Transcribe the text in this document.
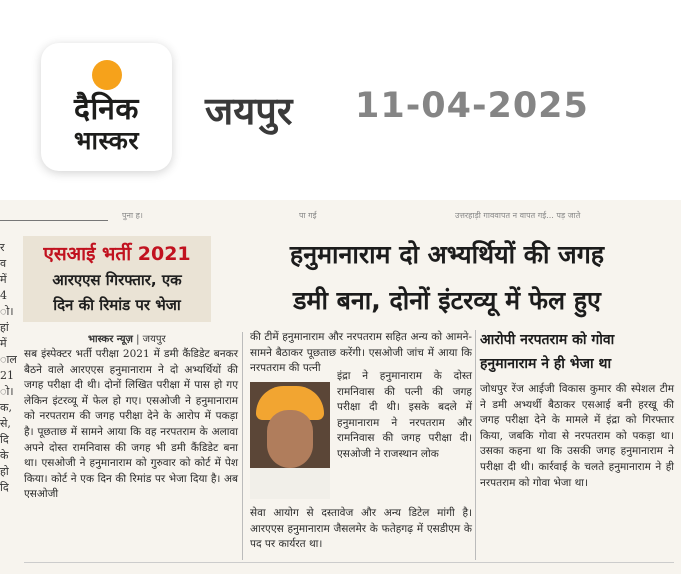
दैनिक
भास्कर
जयपुर 11-04-2025
पुना ह।	पा गई	उत्तरहाड़ी गाववापत न वापत गई... पड़ जाते
र
व
में
4
ो।
हां
में
ाल
21
ो।
क,
से,
दि
के
हो
दि
एसआई भर्ती 2021
आरएएस गिरफ्तार, एक
दिन की रिमांड पर भेजा
हनुमानाराम दो अभ्यर्थियों की जगह
डमी बना, दोनों इंटरव्यू में फेल हुए
भास्कर न्यूज़ | जयपुर

सब इंस्पेक्टर भर्ती परीक्षा 2021 में डमी कैंडिडेट बनकर बैठने वाले आरएएस हनुमानाराम ने दो अभ्यर्थियों की जगह परीक्षा दी थी। दोनों लिखित परीक्षा में पास हो गए लेकिन इंटरव्यू में फेल हो गए। एसओजी ने हनुमानाराम को नरपतराम की जगह परीक्षा देने के आरोप में पकड़ा है। पूछताछ में सामने आया कि वह नरपतराम के अलावा अपने दोस्त रामनिवास की जगह भी डमी कैंडिडेट बना था। एसओजी ने हनुमानाराम को गुरुवार को कोर्ट में पेश किया। कोर्ट ने एक दिन की रिमांड पर भेजा दिया है। अब एसओजी

की टीमें हनुमानाराम और नरपतराम सहित अन्य को आमने-सामने बैठाकर पूछताछ करेंगी। एसओजी जांच में आया कि नरपतराम की पत्नी

इंद्रा ने हनुमानाराम के दोस्त रामनिवास की पत्नी की जगह परीक्षा दी थी। इसके बदले में हनुमानाराम ने नरपतराम और रामनिवास की जगह परीक्षा दी। एसओजी ने राजस्थान लोक

सेवा आयोग से दस्तावेज और अन्य डिटेल मांगी है। आरएएस हनुमानाराम जैसलमेर के फतेहगढ़ में एसडीएम के पद पर कार्यरत था।

आरोपी नरपतराम को गोवा हनुमानाराम ने ही भेजा था

जोधपुर रेंज आईजी विकास कुमार की स्पेशल टीम ने डमी अभ्यर्थी बैठाकर एसआई बनी हरखू की जगह परीक्षा देने के मामले में इंद्रा को गिरफ्तार किया, जबकि गोवा से नरपतराम को पकड़ा था। उसका कहना था कि उसकी जगह हनुमानाराम ने परीक्षा दी थी। कार्रवाई के चलते हनुमानाराम ने ही नरपतराम को गोवा भेजा था।
